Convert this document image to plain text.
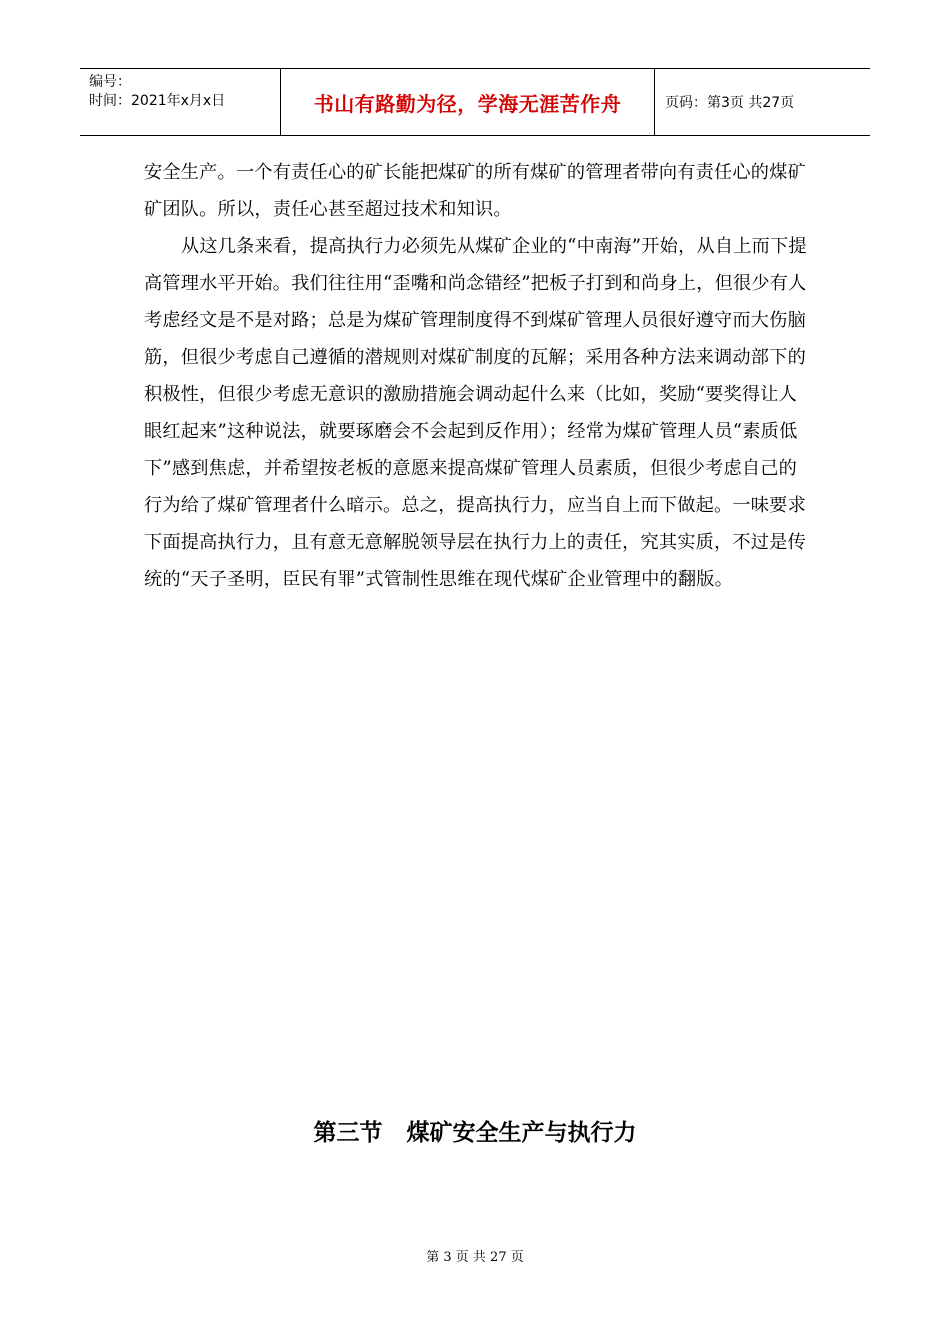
编号：
时间：2021年x月x日	书山有路勤为径，学海无涯苦作舟	页码：第3页 共27页

安全生产。一个有责任心的矿长能把煤矿的所有煤矿的管理者带向有责任心的煤矿矿团队。所以，责任心甚至超过技术和知识。

从这几条来看，提高执行力必须先从煤矿企业的“中南海”开始，从自上而下提高管理水平开始。我们往往用“歪嘴和尚念错经”把板子打到和尚身上，但很少有人考虑经文是不是对路；总是为煤矿管理制度得不到煤矿管理人员很好遵守而大伤脑筋，但很少考虑自己遵循的潜规则对煤矿制度的瓦解；采用各种方法来调动部下的积极性，但很少考虑无意识的激励措施会调动起什么来（比如，奖励“要奖得让人眼红起来”这种说法，就要琢磨会不会起到反作用）；经常为煤矿管理人员“素质低下”感到焦虑，并希望按老板的意愿来提高煤矿管理人员素质，但很少考虑自己的行为给了煤矿管理者什么暗示。总之，提高执行力，应当自上而下做起。一味要求下面提高执行力，且有意无意解脱领导层在执行力上的责任，究其实质，不过是传统的“天子圣明，臣民有罪”式管制性思维在现代煤矿企业管理中的翻版。

第三节   煤矿安全生产与执行力
第 3 页 共 27 页
